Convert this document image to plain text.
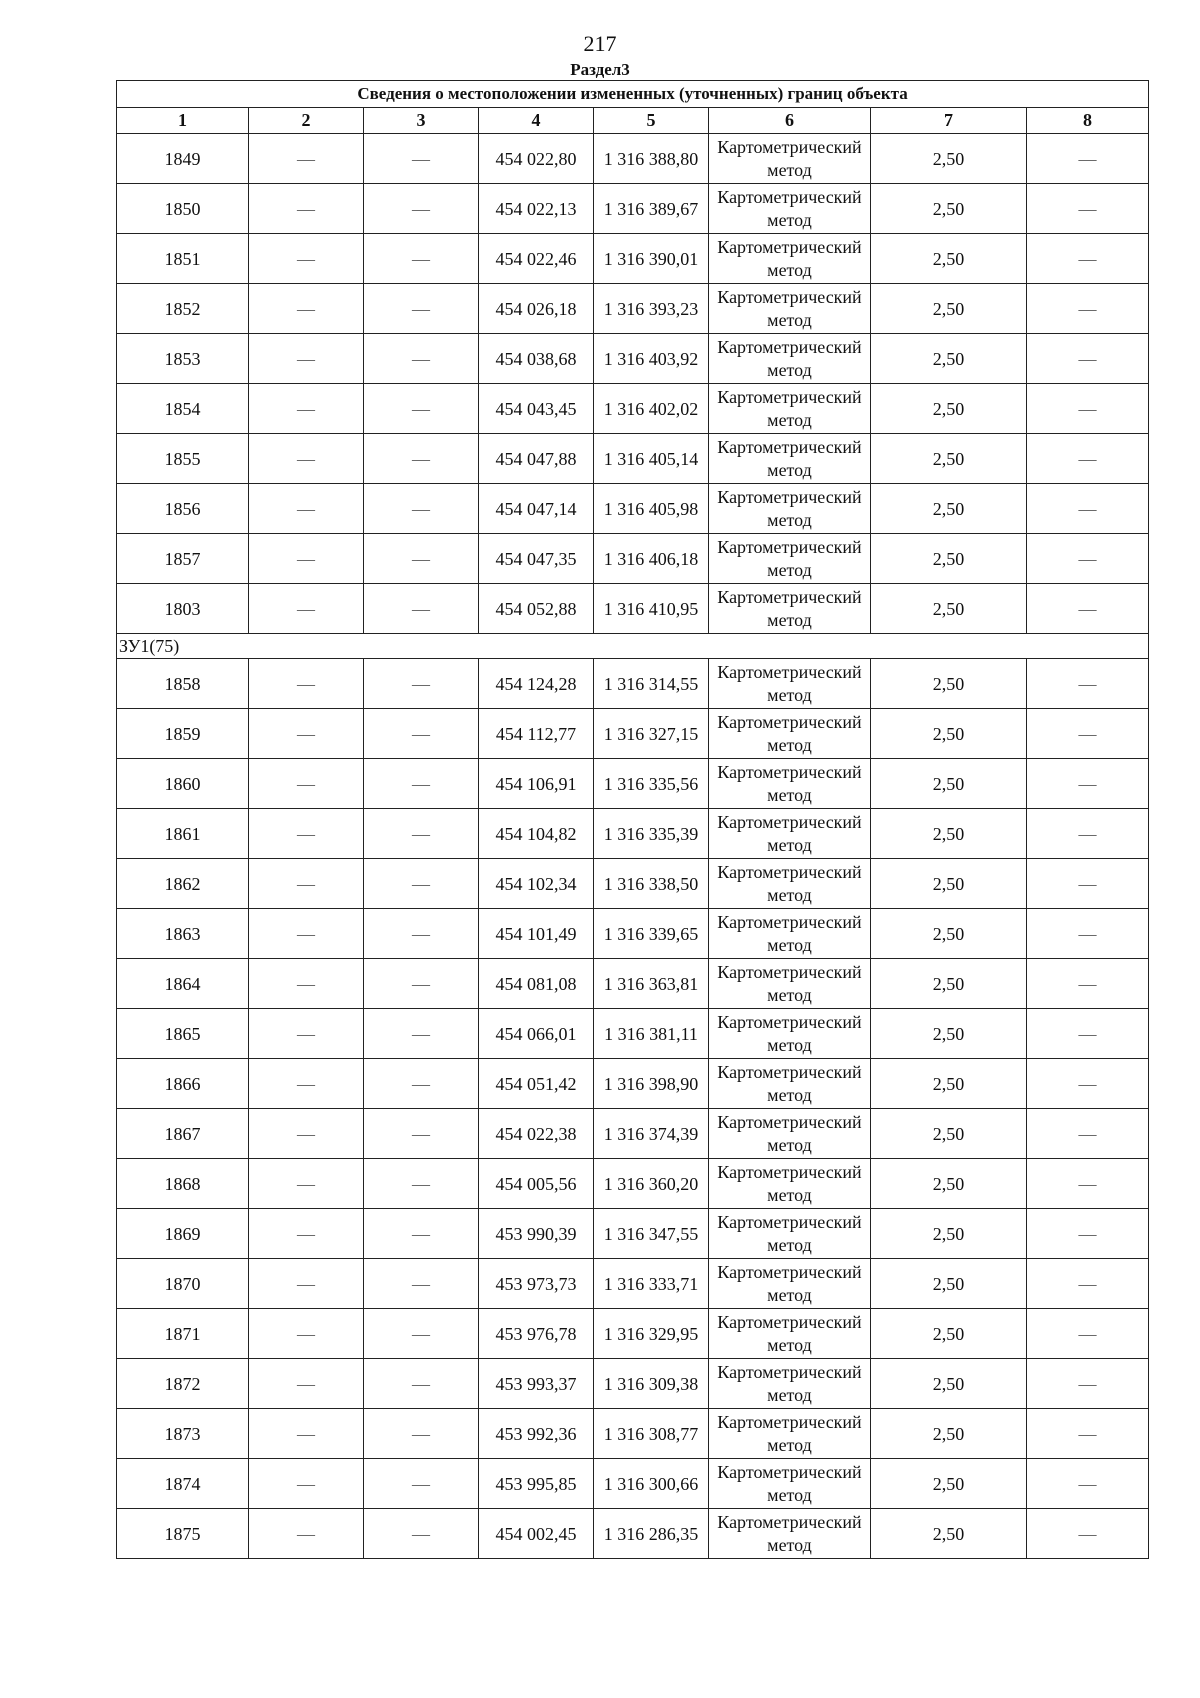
217
Раздел3
Сведения о местоположении измененных (уточненных) границ объекта							
1	2	3	4	5	6	7	8
1849	—	—	454 022,80	1 316 388,80	Картометрический метод	2,50	—
1850	—	—	454 022,13	1 316 389,67	Картометрический метод	2,50	—
1851	—	—	454 022,46	1 316 390,01	Картометрический метод	2,50	—
1852	—	—	454 026,18	1 316 393,23	Картометрический метод	2,50	—
1853	—	—	454 038,68	1 316 403,92	Картометрический метод	2,50	—
1854	—	—	454 043,45	1 316 402,02	Картометрический метод	2,50	—
1855	—	—	454 047,88	1 316 405,14	Картометрический метод	2,50	—
1856	—	—	454 047,14	1 316 405,98	Картометрический метод	2,50	—
1857	—	—	454 047,35	1 316 406,18	Картометрический метод	2,50	—
1803	—	—	454 052,88	1 316 410,95	Картометрический метод	2,50	—
ЗУ1(75)							
1858	—	—	454 124,28	1 316 314,55	Картометрический метод	2,50	—
1859	—	—	454 112,77	1 316 327,15	Картометрический метод	2,50	—
1860	—	—	454 106,91	1 316 335,56	Картометрический метод	2,50	—
1861	—	—	454 104,82	1 316 335,39	Картометрический метод	2,50	—
1862	—	—	454 102,34	1 316 338,50	Картометрический метод	2,50	—
1863	—	—	454 101,49	1 316 339,65	Картометрический метод	2,50	—
1864	—	—	454 081,08	1 316 363,81	Картометрический метод	2,50	—
1865	—	—	454 066,01	1 316 381,11	Картометрический метод	2,50	—
1866	—	—	454 051,42	1 316 398,90	Картометрический метод	2,50	—
1867	—	—	454 022,38	1 316 374,39	Картометрический метод	2,50	—
1868	—	—	454 005,56	1 316 360,20	Картометрический метод	2,50	—
1869	—	—	453 990,39	1 316 347,55	Картометрический метод	2,50	—
1870	—	—	453 973,73	1 316 333,71	Картометрический метод	2,50	—
1871	—	—	453 976,78	1 316 329,95	Картометрический метод	2,50	—
1872	—	—	453 993,37	1 316 309,38	Картометрический метод	2,50	—
1873	—	—	453 992,36	1 316 308,77	Картометрический метод	2,50	—
1874	—	—	453 995,85	1 316 300,66	Картометрический метод	2,50	—
1875	—	—	454 002,45	1 316 286,35	Картометрический метод	2,50	—
